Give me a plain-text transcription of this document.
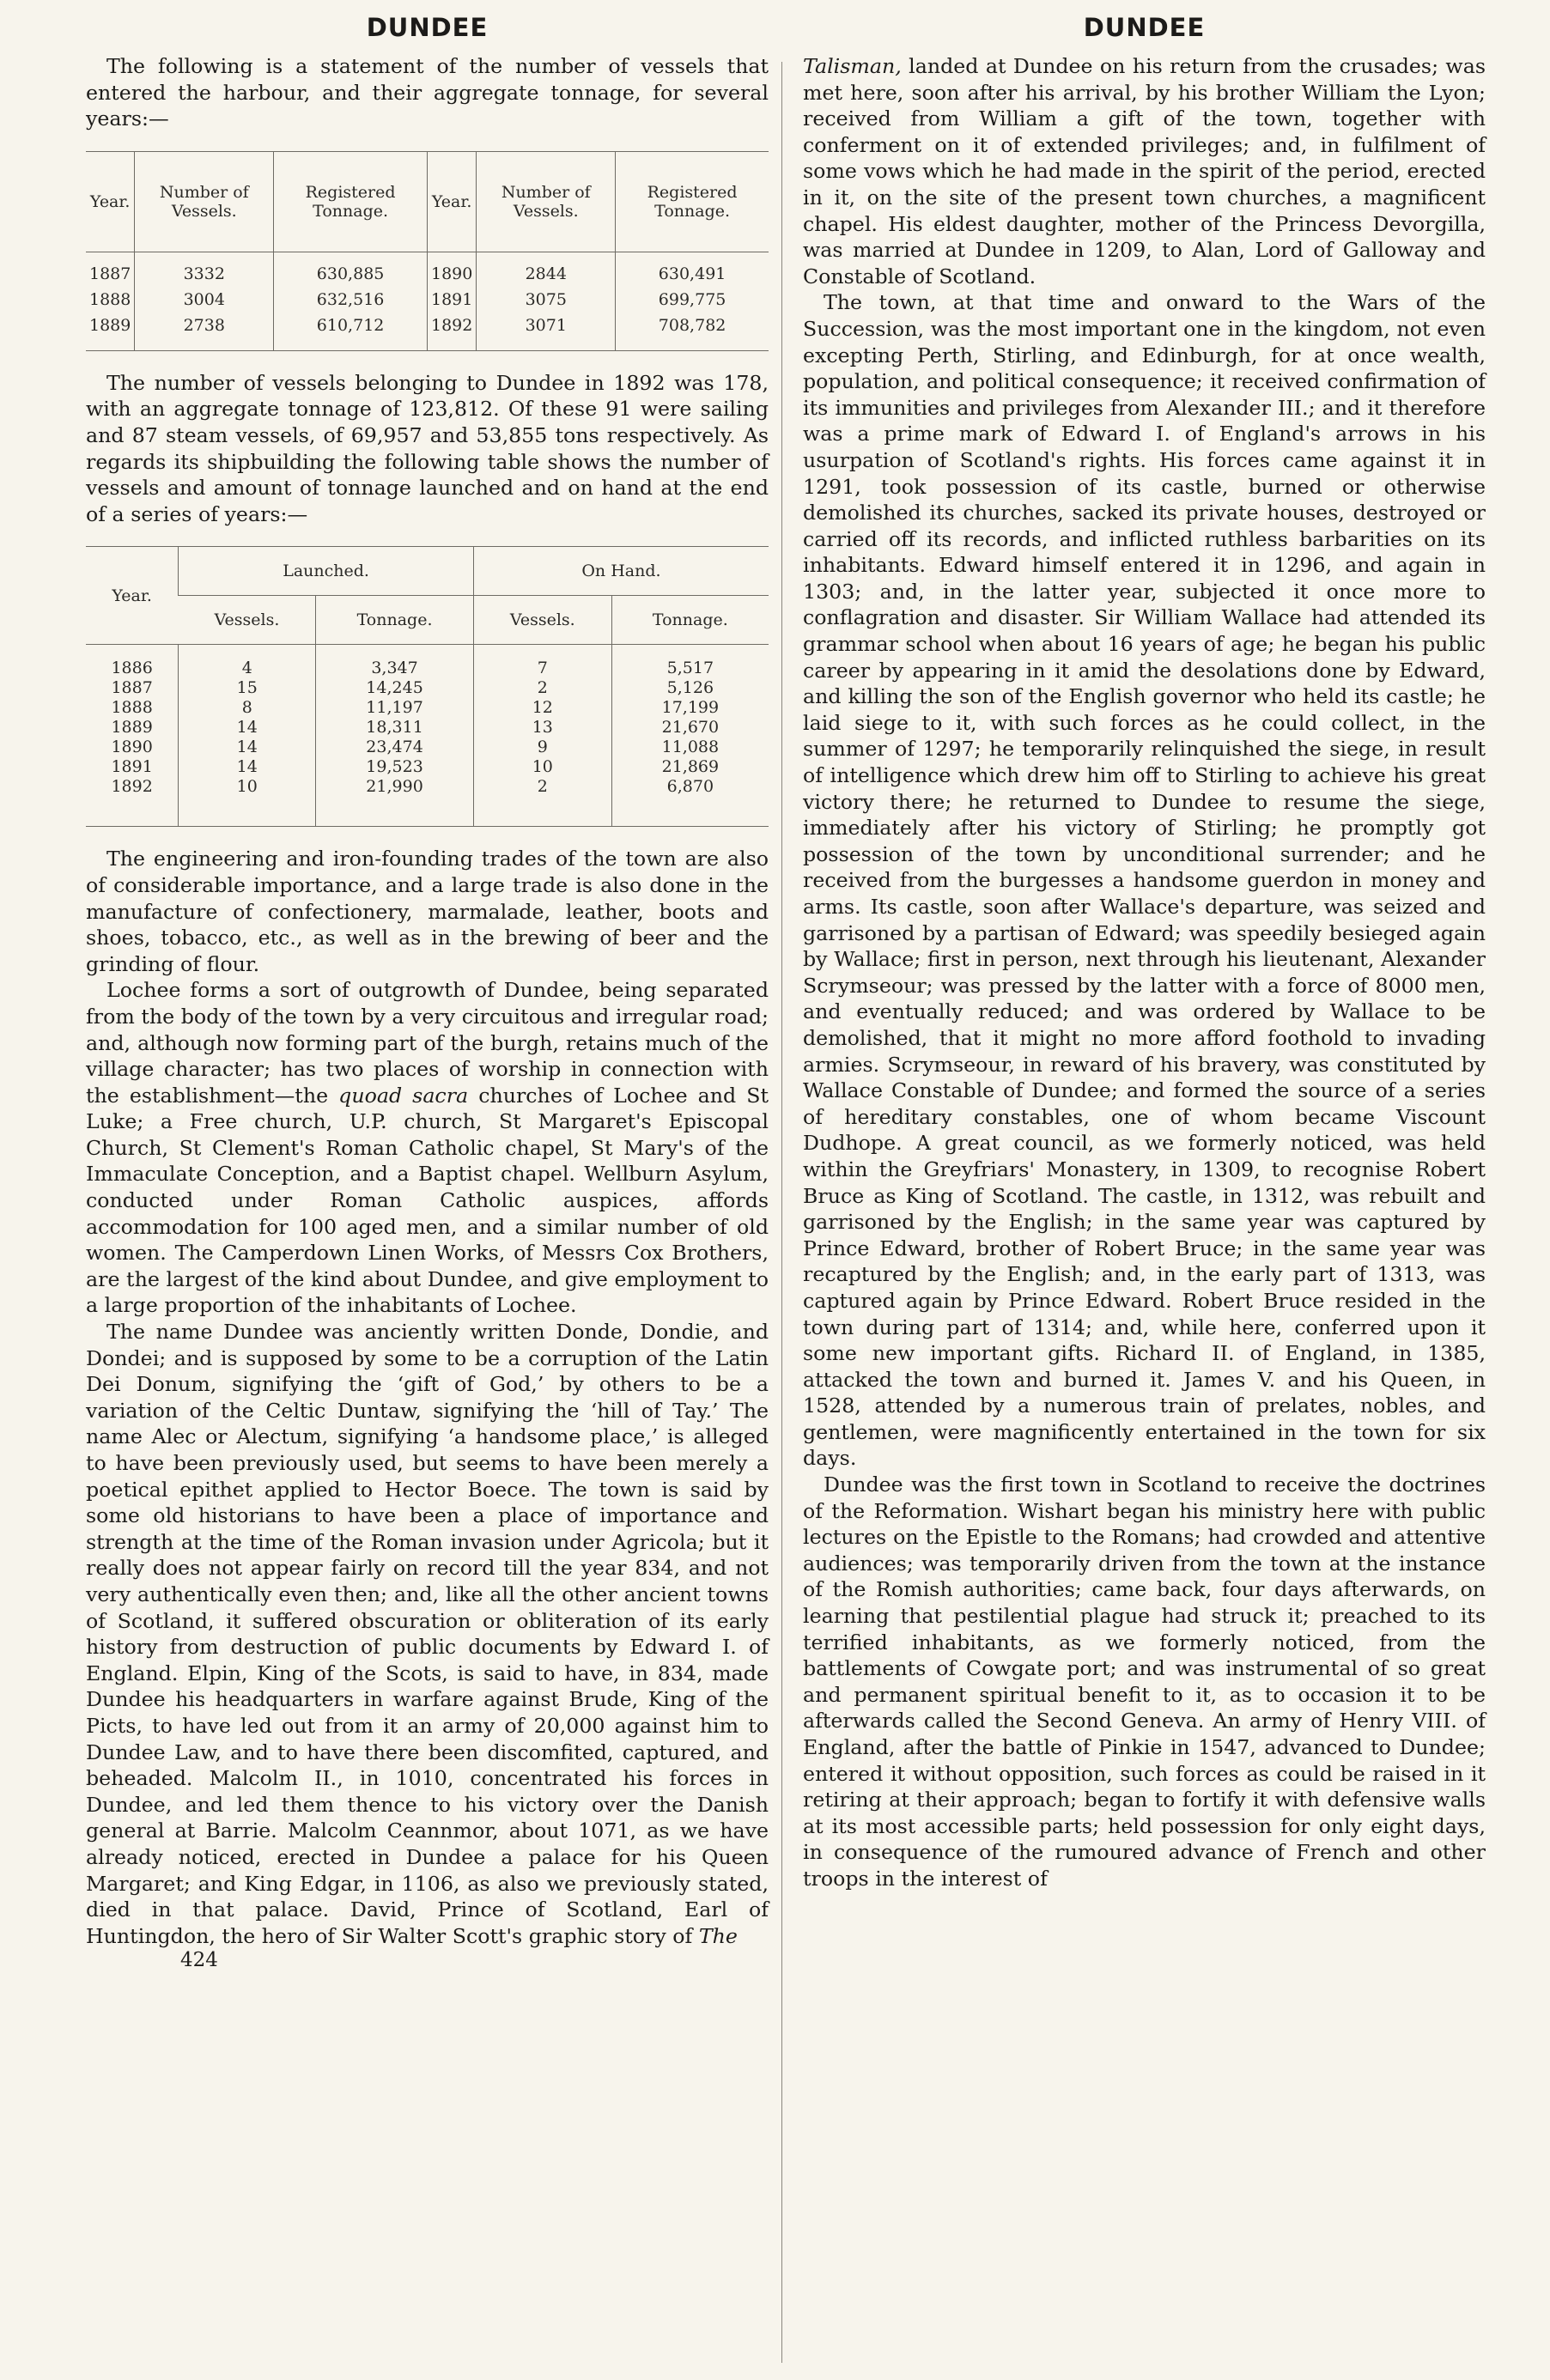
DUNDEE

The following is a statement of the number of vessels that entered the harbour, and their aggregate tonnage, for several years:—

Year.	Number of Vessels.	Registered Tonnage.	Year.	Number of Vessels.	Registered Tonnage.
1887	3332	630,885	1890	2844	630,491
1888	3004	632,516	1891	3075	699,775
1889	2738	610,712	1892	3071	708,782

The number of vessels belonging to Dundee in 1892 was 178, with an aggregate tonnage of 123,812. Of these 91 were sailing and 87 steam vessels, of 69,957 and 53,855 tons respectively. As regards its shipbuilding the following table shows the number of vessels and amount of tonnage launched and on hand at the end of a series of years:—

Year.	Launched.		On Hand.	
	Vessels.	Tonnage.	Vessels.	Tonnage.
1886	4	3,347	7	5,517
1887	15	14,245	2	5,126
1888	8	11,197	12	17,199
1889	14	18,311	13	21,670
1890	14	23,474	9	11,088
1891	14	19,523	10	21,869
1892	10	21,990	2	6,870

The engineering and iron-founding trades of the town are also of considerable importance, and a large trade is also done in the manufacture of confectionery, marmalade, leather, boots and shoes, tobacco, etc., as well as in the brewing of beer and the grinding of flour.

Lochee forms a sort of outgrowth of Dundee, being separated from the body of the town by a very circuitous and irregular road; and, although now forming part of the burgh, retains much of the village character; has two places of worship in connection with the establishment—the quoad sacra churches of Lochee and St Luke; a Free church, U.P. church, St Margaret's Episcopal Church, St Clement's Roman Catholic chapel, St Mary's of the Immaculate Conception, and a Baptist chapel. Wellburn Asylum, conducted under Roman Catholic auspices, affords accommodation for 100 aged men, and a similar number of old women. The Camperdown Linen Works, of Messrs Cox Brothers, are the largest of the kind about Dundee, and give employment to a large proportion of the inhabitants of Lochee.

The name Dundee was anciently written Donde, Dondie, and Dondei; and is supposed by some to be a corruption of the Latin Dei Donum, signifying the ‘gift of God,’ by others to be a variation of the Celtic Duntaw, signifying the ‘hill of Tay.’ The name Alec or Alectum, signifying ‘a handsome place,’ is alleged to have been previously used, but seems to have been merely a poetical epithet applied to Hector Boece. The town is said by some old historians to have been a place of importance and strength at the time of the Roman invasion under Agricola; but it really does not appear fairly on record till the year 834, and not very authentically even then; and, like all the other ancient towns of Scotland, it suffered obscuration or obliteration of its early history from destruction of public documents by Edward I. of England. Elpin, King of the Scots, is said to have, in 834, made Dundee his headquarters in warfare against Brude, King of the Picts, to have led out from it an army of 20,000 against him to Dundee Law, and to have there been discomfited, captured, and beheaded. Malcolm II., in 1010, concentrated his forces in Dundee, and led them thence to his victory over the Danish general at Barrie. Malcolm Ceannmor, about 1071, as we have already noticed, erected in Dundee a palace for his Queen Margaret; and King Edgar, in 1106, as also we previously stated, died in that palace. David, Prince of Scotland, Earl of Huntingdon, the hero of Sir Walter Scott's graphic story of The

424
DUNDEE

Talisman, landed at Dundee on his return from the crusades; was met here, soon after his arrival, by his brother William the Lyon; received from William a gift of the town, together with conferment on it of extended privileges; and, in fulfilment of some vows which he had made in the spirit of the period, erected in it, on the site of the present town churches, a magnificent chapel. His eldest daughter, mother of the Princess Devorgilla, was married at Dundee in 1209, to Alan, Lord of Galloway and Constable of Scotland.

The town, at that time and onward to the Wars of the Succession, was the most important one in the kingdom, not even excepting Perth, Stirling, and Edinburgh, for at once wealth, population, and political consequence; it received confirmation of its immunities and privileges from Alexander III.; and it therefore was a prime mark of Edward I. of England's arrows in his usurpation of Scotland's rights. His forces came against it in 1291, took possession of its castle, burned or otherwise demolished its churches, sacked its private houses, destroyed or carried off its records, and inflicted ruthless barbarities on its inhabitants. Edward himself entered it in 1296, and again in 1303; and, in the latter year, subjected it once more to conflagration and disaster. Sir William Wallace had attended its grammar school when about 16 years of age; he began his public career by appearing in it amid the desolations done by Edward, and killing the son of the English governor who held its castle; he laid siege to it, with such forces as he could collect, in the summer of 1297; he temporarily relinquished the siege, in result of intelligence which drew him off to Stirling to achieve his great victory there; he returned to Dundee to resume the siege, immediately after his victory of Stirling; he promptly got possession of the town by unconditional surrender; and he received from the burgesses a handsome guerdon in money and arms. Its castle, soon after Wallace's departure, was seized and garrisoned by a partisan of Edward; was speedily besieged again by Wallace; first in person, next through his lieutenant, Alexander Scrymseour; was pressed by the latter with a force of 8000 men, and eventually reduced; and was ordered by Wallace to be demolished, that it might no more afford foothold to invading armies. Scrymseour, in reward of his bravery, was constituted by Wallace Constable of Dundee; and formed the source of a series of hereditary constables, one of whom became Viscount Dudhope. A great council, as we formerly noticed, was held within the Greyfriars' Monastery, in 1309, to recognise Robert Bruce as King of Scotland. The castle, in 1312, was rebuilt and garrisoned by the English; in the same year was captured by Prince Edward, brother of Robert Bruce; in the same year was recaptured by the English; and, in the early part of 1313, was captured again by Prince Edward. Robert Bruce resided in the town during part of 1314; and, while here, conferred upon it some new important gifts. Richard II. of England, in 1385, attacked the town and burned it. James V. and his Queen, in 1528, attended by a numerous train of prelates, nobles, and gentlemen, were magnificently entertained in the town for six days.

Dundee was the first town in Scotland to receive the doctrines of the Reformation. Wishart began his ministry here with public lectures on the Epistle to the Romans; had crowded and attentive audiences; was temporarily driven from the town at the instance of the Romish authorities; came back, four days afterwards, on learning that pestilential plague had struck it; preached to its terrified inhabitants, as we formerly noticed, from the battlements of Cowgate port; and was instrumental of so great and permanent spiritual benefit to it, as to occasion it to be afterwards called the Second Geneva. An army of Henry VIII. of England, after the battle of Pinkie in 1547, advanced to Dundee; entered it without opposition, such forces as could be raised in it retiring at their approach; began to fortify it with defensive walls at its most accessible parts; held possession for only eight days, in consequence of the rumoured advance of French and other troops in the interest of
